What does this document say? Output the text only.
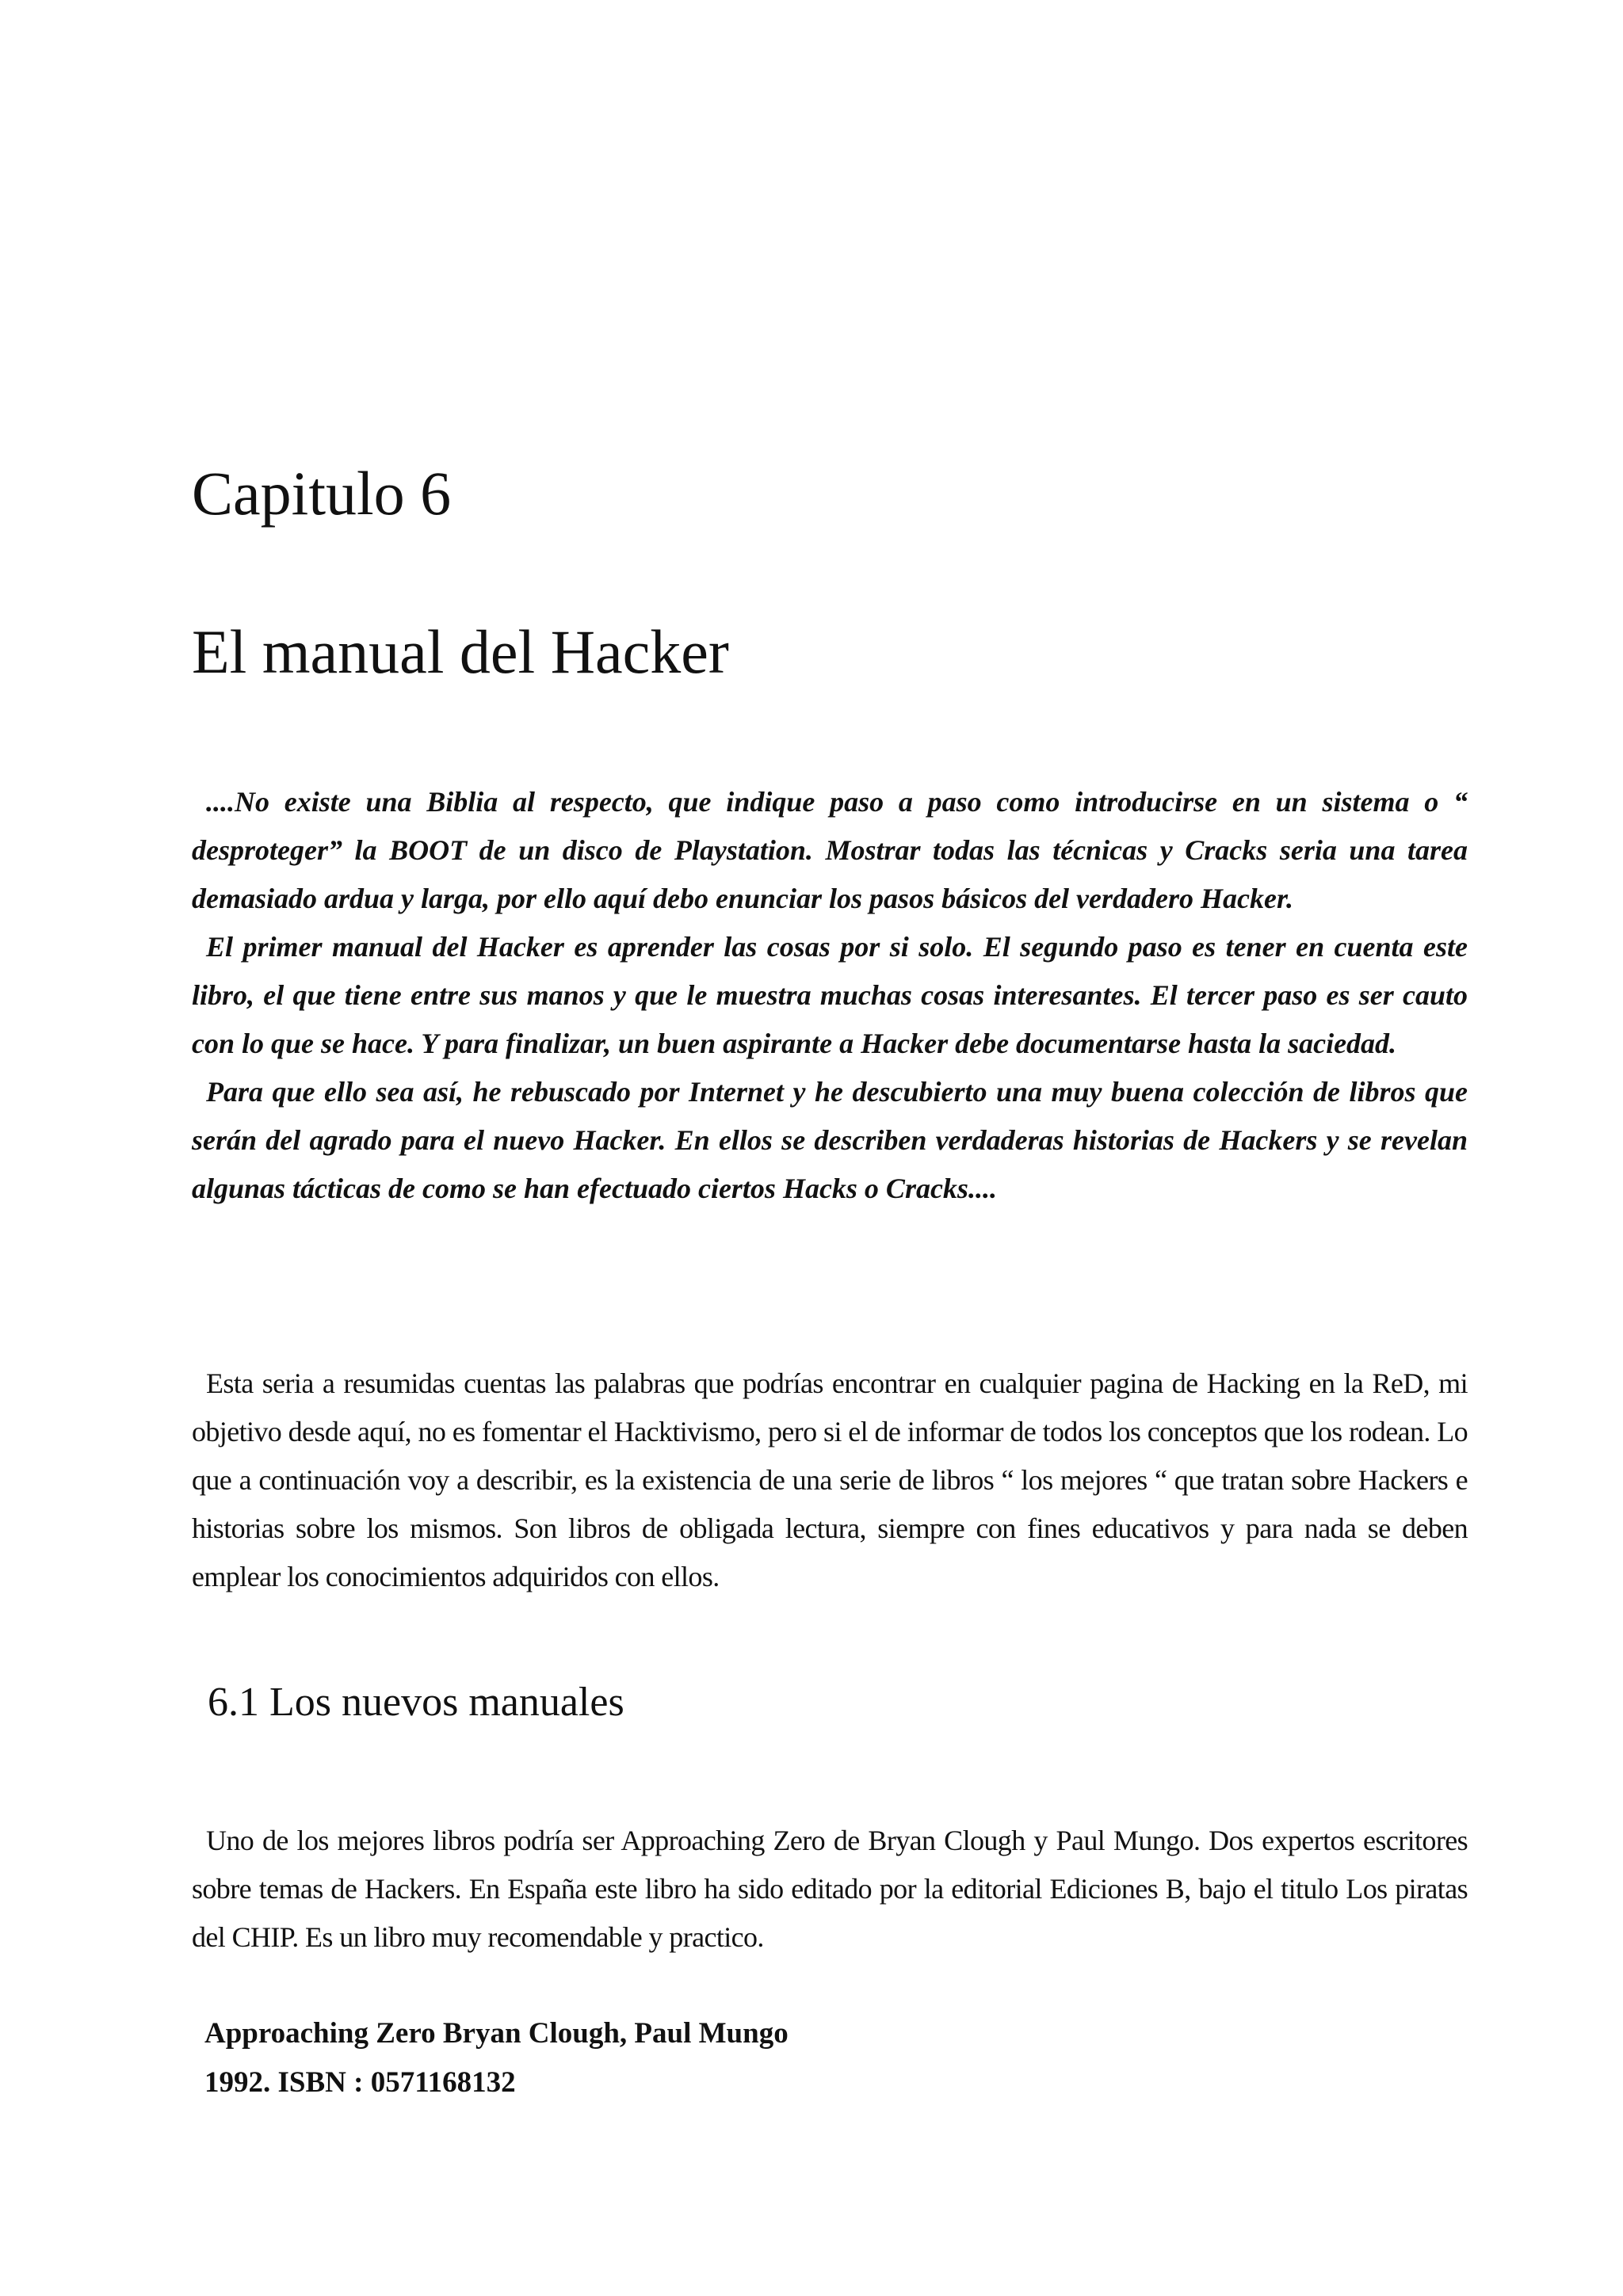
Capitulo 6
El manual del Hacker

....No existe una Biblia al respecto, que indique paso a paso como introducirse en un sistema o “ desproteger” la BOOT de un disco de Playstation. Mostrar todas las técnicas y Cracks seria una tarea demasiado ardua y larga, por ello aquí debo enunciar los pasos básicos del verdadero Hacker.

El primer manual del Hacker es aprender las cosas por si solo. El segundo paso es tener en cuenta este libro, el que tiene entre sus manos y que le muestra muchas cosas interesantes. El tercer paso es ser cauto con lo que se hace. Y para finalizar, un buen aspirante a Hacker debe documentarse hasta la saciedad.

Para que ello sea así, he rebuscado por Internet y he descubierto una muy buena colección de libros que serán del agrado para el nuevo Hacker. En ellos se describen verdaderas historias de Hackers y se revelan algunas tácticas de como se han efectuado ciertos Hacks o Cracks....

Esta seria a resumidas cuentas las palabras que podrías encontrar en cualquier pagina de Hacking en la ReD, mi objetivo desde aquí, no es fomentar el Hacktivismo, pero si el de informar de todos los conceptos que los rodean. Lo que a continuación voy a describir, es la existencia de una serie de libros “ los mejores “ que tratan sobre Hackers e historias sobre los mismos. Son libros de obligada lectura, siempre con fines educativos y para nada se deben emplear los conocimientos adquiridos con ellos.

6.1 Los nuevos manuales

Uno de los mejores libros podría ser Approaching Zero de Bryan Clough y Paul Mungo. Dos expertos escritores sobre temas de Hackers. En España este libro ha sido editado por la editorial Ediciones B, bajo el titulo Los piratas del CHIP. Es un libro muy recomendable y practico.

Approaching Zero Bryan Clough, Paul Mungo
1992. ISBN : 0571168132
